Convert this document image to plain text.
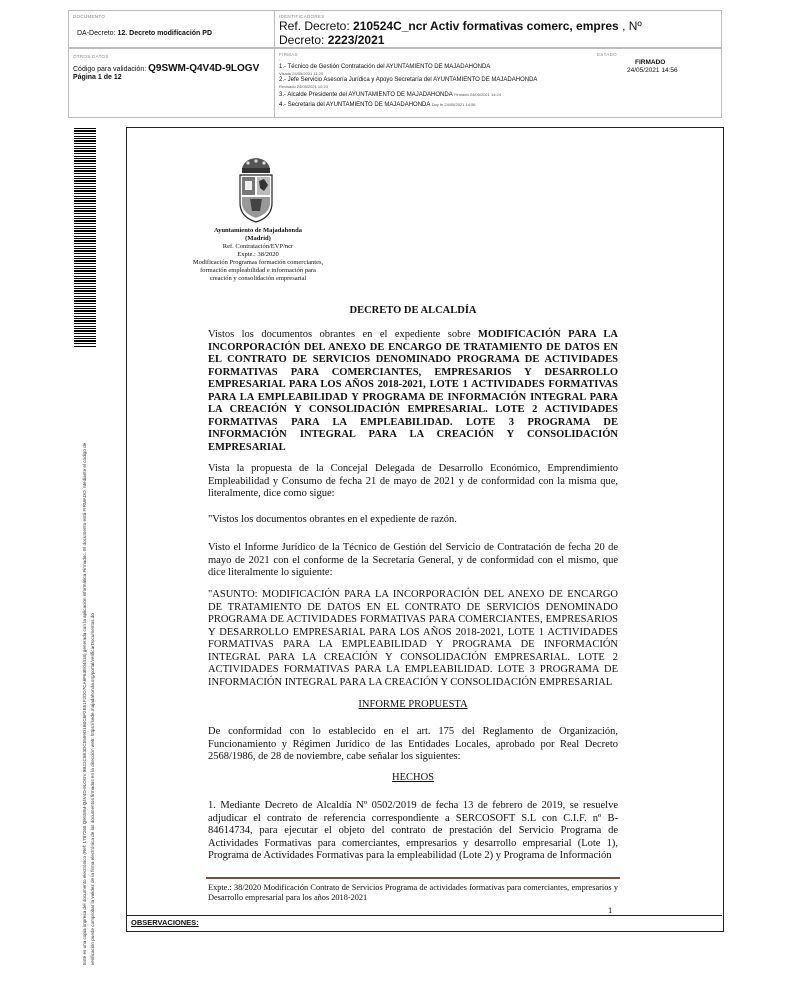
DOCUMENTO
DA-Decreto: 12. Decreto modificación PD
IDENTIFICADORES
Ref. Decreto: 210524C_ncr Activ formativas comerc, empres , Nº
Decreto: 2223/2021
OTROS DATOS
Código para validación: Q9SWM-Q4V4D-9LOGV
Página 1 de 12
FIRMAS
:
ESTADO
FIRMADO
24/05/2021 14:56
1.- Técnico de Gestión Contratación del AYUNTAMIENTO DE MAJADAHONDA
Visado 24/05/2021 11:20
2.- Jefe Servicio Asesoría Jurídica y Apoyo Secretaría del AYUNTAMIENTO DE MAJADAHONDA
Revisado 24/05/2021 10:23
3.- Alcalde Presidente del AYUNTAMIENTO DE MAJADAHONDA Firmado 24/05/2021 14:24
4.- Secretaria del AYUNTAMIENTO DE MAJADAHONDA Doy fe 24/05/2021 14:56
Este es una copia impresa del documento electrónico (Ref: 1787265 Q9SWM-Q4V4D-9LOGV 9B22C5E3DC5559D1B0C6F2E51F2DD7CA6F63E04418) generada con la aplicación informática Firmadoc. El documento está FIRMADO. Mediante el código de verificación puede comprobar la validez de la firma electrónica de los documentos firmados en la dirección web: https://sede.majadahonda.org/portal/verificarDocumentos.do
Ayuntamiento de Majadahonda
(Madrid)
Ref. Contratación/EVP/ncr
Expte.: 38/2020
Modificación Programas formación comerciantes, formación empleabilidad e información para creación y consolidación empresarial
DECRETO DE ALCALDÍA
Vistos los documentos obrantes en el expediente sobre MODIFICACIÓN PARA LA INCORPORACIÓN DEL ANEXO DE ENCARGO DE TRATAMIENTO DE DATOS EN EL CONTRATO DE SERVICIOS DENOMINADO PROGRAMA DE ACTIVIDADES FORMATIVAS PARA COMERCIANTES, EMPRESARIOS Y DESARROLLO EMPRESARIAL PARA LOS AÑOS 2018-2021, LOTE 1 ACTIVIDADES FORMATIVAS PARA LA EMPLEABILIDAD Y PROGRAMA DE INFORMACIÓN INTEGRAL PARA LA CREACIÓN Y CONSOLIDACIÓN EMPRESARIAL. LOTE 2 ACTIVIDADES FORMATIVAS PARA LA EMPLEABILIDAD. LOTE 3 PROGRAMA DE INFORMACIÓN INTEGRAL PARA LA CREACIÓN Y CONSOLIDACIÓN EMPRESARIAL
Vista la propuesta de la Concejal Delegada de Desarrollo Económico, Emprendimiento Empleabilidad y Consumo de fecha 21 de mayo de 2021 y de conformidad con la misma que, literalmente, dice como sigue:
"Vistos los documentos obrantes en el expediente de razón.
Visto el Informe Jurídico de la Técnico de Gestión del Servicio de Contratación de fecha 20 de mayo de 2021 con el conforme de la Secretaría General, y de conformidad con el mismo, que dice literalmente lo siguiente:
"ASUNTO: MODIFICACIÓN PARA LA INCORPORACIÓN DEL ANEXO DE ENCARGO DE TRATAMIENTO DE DATOS EN EL CONTRATO DE SERVICIOS DENOMINADO PROGRAMA DE ACTIVIDADES FORMATIVAS PARA COMERCIANTES, EMPRESARIOS Y DESARROLLO EMPRESARIAL PARA LOS AÑOS 2018-2021, LOTE 1 ACTIVIDADES FORMATIVAS PARA LA EMPLEABILIDAD Y PROGRAMA DE INFORMACIÓN INTEGRAL PARA LA CREACIÓN Y CONSOLIDACIÓN EMPRESARIAL. LOTE 2 ACTIVIDADES FORMATIVAS PARA LA EMPLEABILIDAD. LOTE 3 PROGRAMA DE INFORMACIÓN INTEGRAL PARA LA CREACIÓN Y CONSOLIDACIÓN EMPRESARIAL
INFORME PROPUESTA
De conformidad con lo establecido en el art. 175 del Reglamento de Organización, Funcionamiento y Régimen Jurídico de las Entidades Locales, aprobado por Real Decreto 2568/1986, de 28 de noviembre, cabe señalar los siguientes:
HECHOS
1. Mediante Decreto de Alcaldía Nº 0502/2019 de fecha 13 de febrero de 2019, se resuelve adjudicar el contrato de referencia correspondiente a SERCOSOFT S.L con C.I.F. nº B-84614734, para ejecutar el objeto del contrato de prestación del Servicio Programa de Actividades Formativas para comerciantes, empresarios y desarrollo empresarial (Lote 1), Programa de Actividades Formativas para la empleabilidad (Lote 2) y Programa de Información
Expte.: 38/2020 Modificación Contrato de Servicios Programa de actividades formativas para comerciantes, empresarios y Desarrollo empresarial para los años 2018-2021
1
OBSERVACIONES:
